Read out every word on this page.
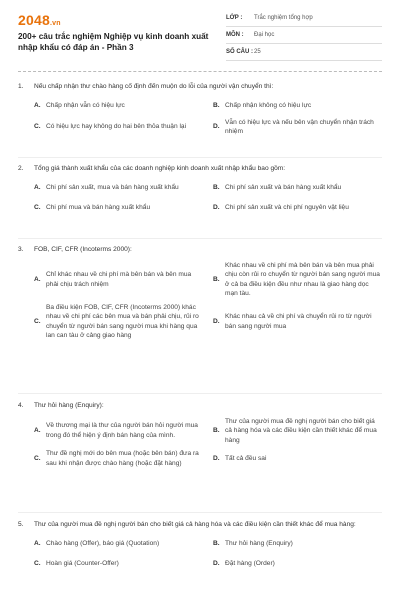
2048.vn
200+ câu trắc nghiệm Nghiệp vụ kinh doanh xuất nhập khẩu có đáp án - Phần 3
LỚP :	Trắc nghiệm tổng hợp
MÔN :	Đại học
SỐ CÂU : 25
1.	Nếu chấp nhận thư chào hàng cố định đến muộn do lỗi của người vận chuyển thì:
A. Chấp nhận vẫn có hiệu lực	B. Chấp nhận không có hiệu lực
C. Có hiệu lực hay không do hai bên thỏa thuận lại	D.
Vẫn có hiệu lực và nếu bên vận chuyển nhận trách nhiệm
2.	Tổng giá thành xuất khẩu của các doanh nghiệp kinh doanh xuất nhập khẩu bao gồm:
A. Chi phí sản xuất, mua và bán hàng xuất khẩu	B. Chi phí sản xuất và bán hàng xuất khẩu
C. Chi phí mua và bán hàng xuất khẩu	D. Chi phí sản xuất và chi phí nguyên vật liệu
3.	FOB, CIF, CFR (Incoterms 2000):
A.
Chỉ khác nhau về chi phí mà bên bán và bên mua phải chịu trách nhiệm
B.
Khác nhau về chi phí mà bên bán và bên mua phải chịu còn rủi ro chuyển từ người bán sang người mua ở cả ba điều kiện đều như nhau là giao hàng dọc mạn tàu.
C.
Ba điều kiện FOB, CIF, CFR (Incoterms 2000) khác nhau về chi phí các bên mua và bán phải chịu, rủi ro chuyển từ người bán sang người mua khi hàng qua lan can tàu ở cảng giao hàng
D.
Khác nhau cả về chi phí và chuyển rủi ro từ người bán sang người mua
4.	Thư hỏi hàng (Enquiry):
A.
Về thương mại là thư của người bán hỏi người mua trong đó thể hiện ý định bán hàng của mình.
B.
Thư của người mua đề nghị người bán cho biết giá cả hàng hóa và các điều kiện cần thiết khác để mua hàng
C.
Thư đề nghị mới do bên mua (hoặc bên bán) đưa ra sau khi nhận được chào hàng (hoặc đặt hàng)
D. Tất cả đều sai
5.	Thư của người mua đề nghị người bán cho biết giá cả hàng hóa và các điều kiện cần thiết khác để mua hàng:
A. Chào hàng (Offer), báo giá (Quotation)	B. Thư hỏi hàng (Enquiry)
C. Hoàn giá (Counter-Offer)	D. Đặt hàng (Order)
